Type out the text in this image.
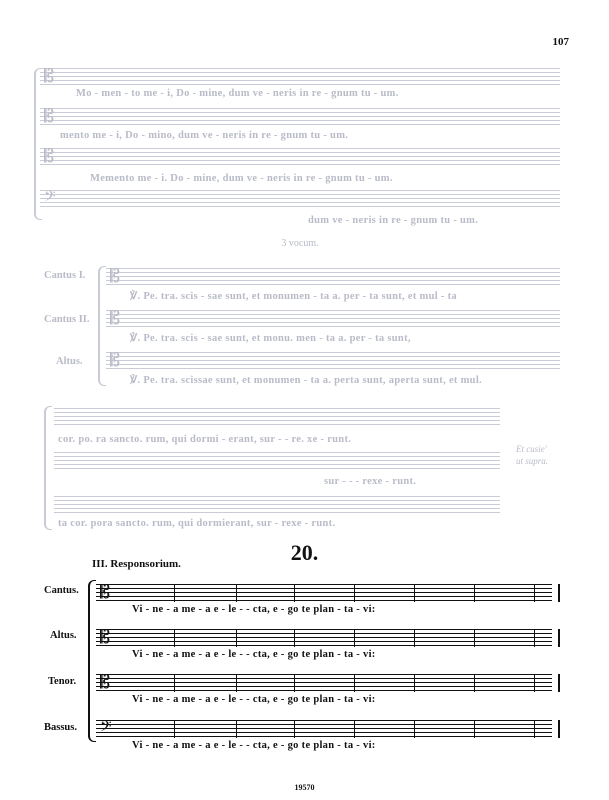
107
𝄡
Mo - men - to me - i, Do - mine, dum ve - neris in re - gnum tu - um.
𝄡
mento me - i, Do - mino, dum ve - neris in re - gnum tu - um.
𝄡
Memento me - i. Do - mine, dum ve - neris in re - gnum tu - um.
𝄢
dum ve - neris in re - gnum tu - um.
3 vocum.
Cantus I.
Cantus II.
Altus.
𝄡
℣. Pe. tra. scis - sae sunt, et monumen - ta a. per - ta sunt, et mul - ta
𝄡
℣. Pe. tra. scis - sae sunt, et monu. men - ta a. per - ta sunt,
𝄡
℣. Pe. tra. scissae sunt, et monumen - ta a. perta sunt, aperta sunt, et mul.
cor. po. ra sancto. rum, qui dormi - erant, sur - - re. xe - runt.
sur - - - rexe - runt.
ta cor. pora sancto. rum, qui dormierant, sur - rexe - runt.
Et cusie'
ut supra.
20.
III. Responsorium.
Cantus.
Altus.
Tenor.
Bassus.
𝄡
Vi - ne - a me - a e - le - - cta, e - go te plan - ta - vi:
𝄡
Vi - ne - a me - a e - le - - cta, e - go te plan - ta - vi:
𝄡
Vi - ne - a me - a e - le - - cta, e - go te plan - ta - vi:
𝄢
Vi - ne - a me - a e - le - - cta, e - go te plan - ta - vi:
19570
